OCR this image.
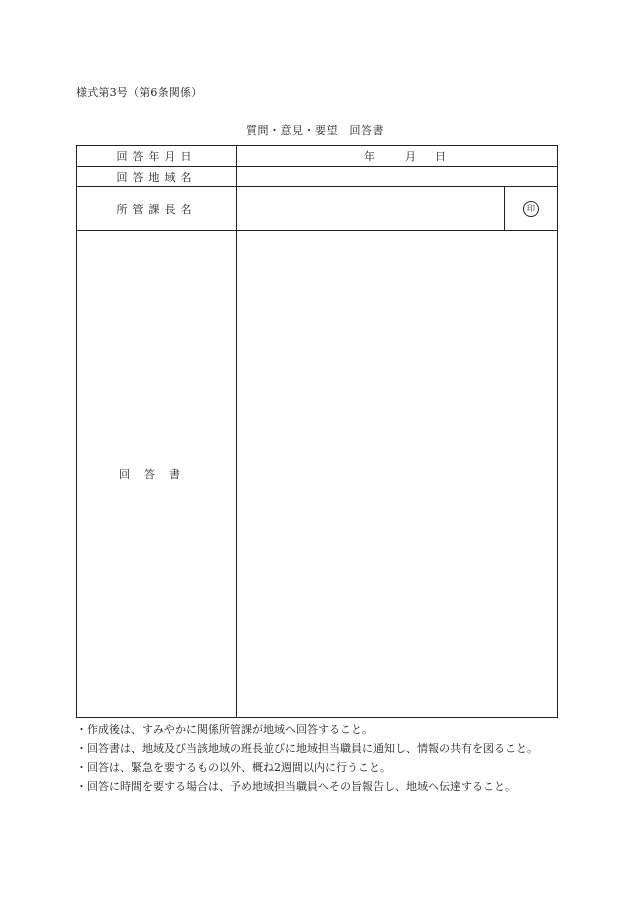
様式第3号（第6条関係）
質問・意見・要望　回答書
回答年月日	年 月 日	

回答地域名		
所管課長名		印
回答書		
・作成後は、すみやかに関係所管課が地域へ回答すること。
・回答書は、地域及び当該地域の班長並びに地域担当職員に通知し、情報の共有を図ること。
・回答は、緊急を要するもの以外、概ね2週間以内に行うこと。
・回答に時間を要する場合は、予め地域担当職員へその旨報告し、地域へ伝達すること。
